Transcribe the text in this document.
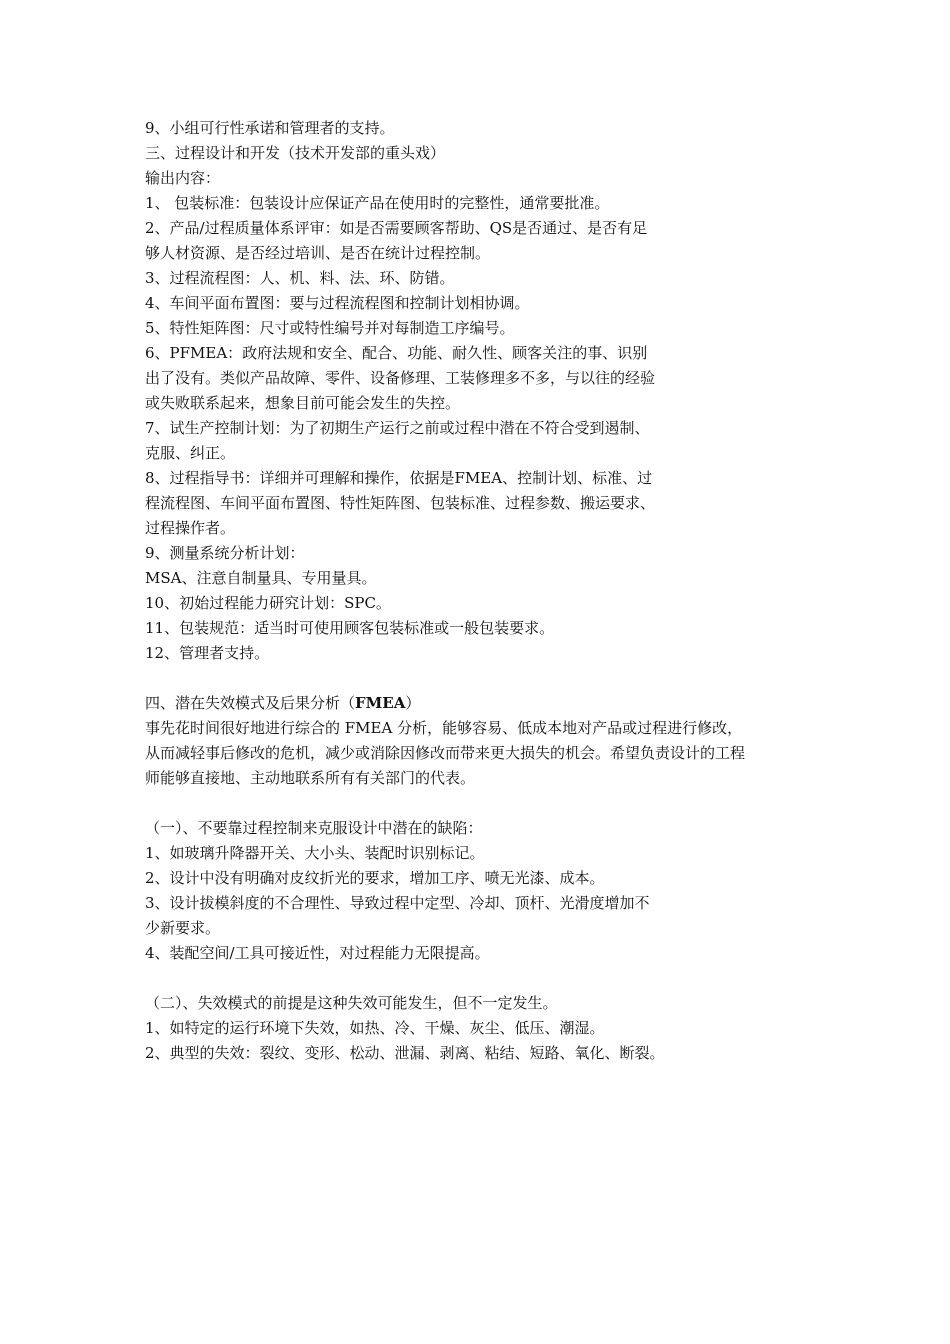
9、小组可行性承诺和管理者的支持。
三、过程设计和开发（技术开发部的重头戏）
输出内容：
1、 包装标准：包装设计应保证产品在使用时的完整性，通常要批准。
2、产品/过程质量体系评审：如是否需要顾客帮助、QS是否通过、是否有足
够人材资源、是否经过培训、是否在统计过程控制。
3、过程流程图：人、机、料、法、环、防错。
4、车间平面布置图：要与过程流程图和控制计划相协调。
5、特性矩阵图：尺寸或特性编号并对每制造工序编号。
6、PFMEA：政府法规和安全、配合、功能、耐久性、顾客关注的事、识别
出了没有。类似产品故障、零件、设备修理、工装修理多不多，与以往的经验
或失败联系起来，想象目前可能会发生的失控。
7、试生产控制计划：为了初期生产运行之前或过程中潜在不符合受到遏制、
克服、纠正。
8、过程指导书：详细并可理解和操作，依据是FMEA、控制计划、标准、过
程流程图、车间平面布置图、特性矩阵图、包装标准、过程参数、搬运要求、
过程操作者。
9、测量系统分析计划：
MSA、注意自制量具、专用量具。
10、初始过程能力研究计划：SPC。
11、包装规范：适当时可使用顾客包装标准或一般包装要求。
12、管理者支持。
四、潜在失效模式及后果分析（FMEA）
事先花时间很好地进行综合的 FMEA 分析，能够容易、低成本地对产品或过程进行修改，
从而减轻事后修改的危机，减少或消除因修改而带来更大损失的机会。希望负责设计的工程
师能够直接地、主动地联系所有有关部门的代表。
（一）、不要靠过程控制来克服设计中潜在的缺陷：
1、如玻璃升降器开关、大小头、装配时识别标记。
2、设计中没有明确对皮纹折光的要求，增加工序、喷无光漆、成本。
3、设计拔模斜度的不合理性、导致过程中定型、冷却、顶杆、光滑度增加不
少新要求。
4、装配空间/工具可接近性，对过程能力无限提高。
（二）、失效模式的前提是这种失效可能发生，但不一定发生。
1、如特定的运行环境下失效，如热、冷、干燥、灰尘、低压、潮湿。
2、典型的失效：裂纹、变形、松动、泄漏、剥离、粘结、短路、氧化、断裂。
